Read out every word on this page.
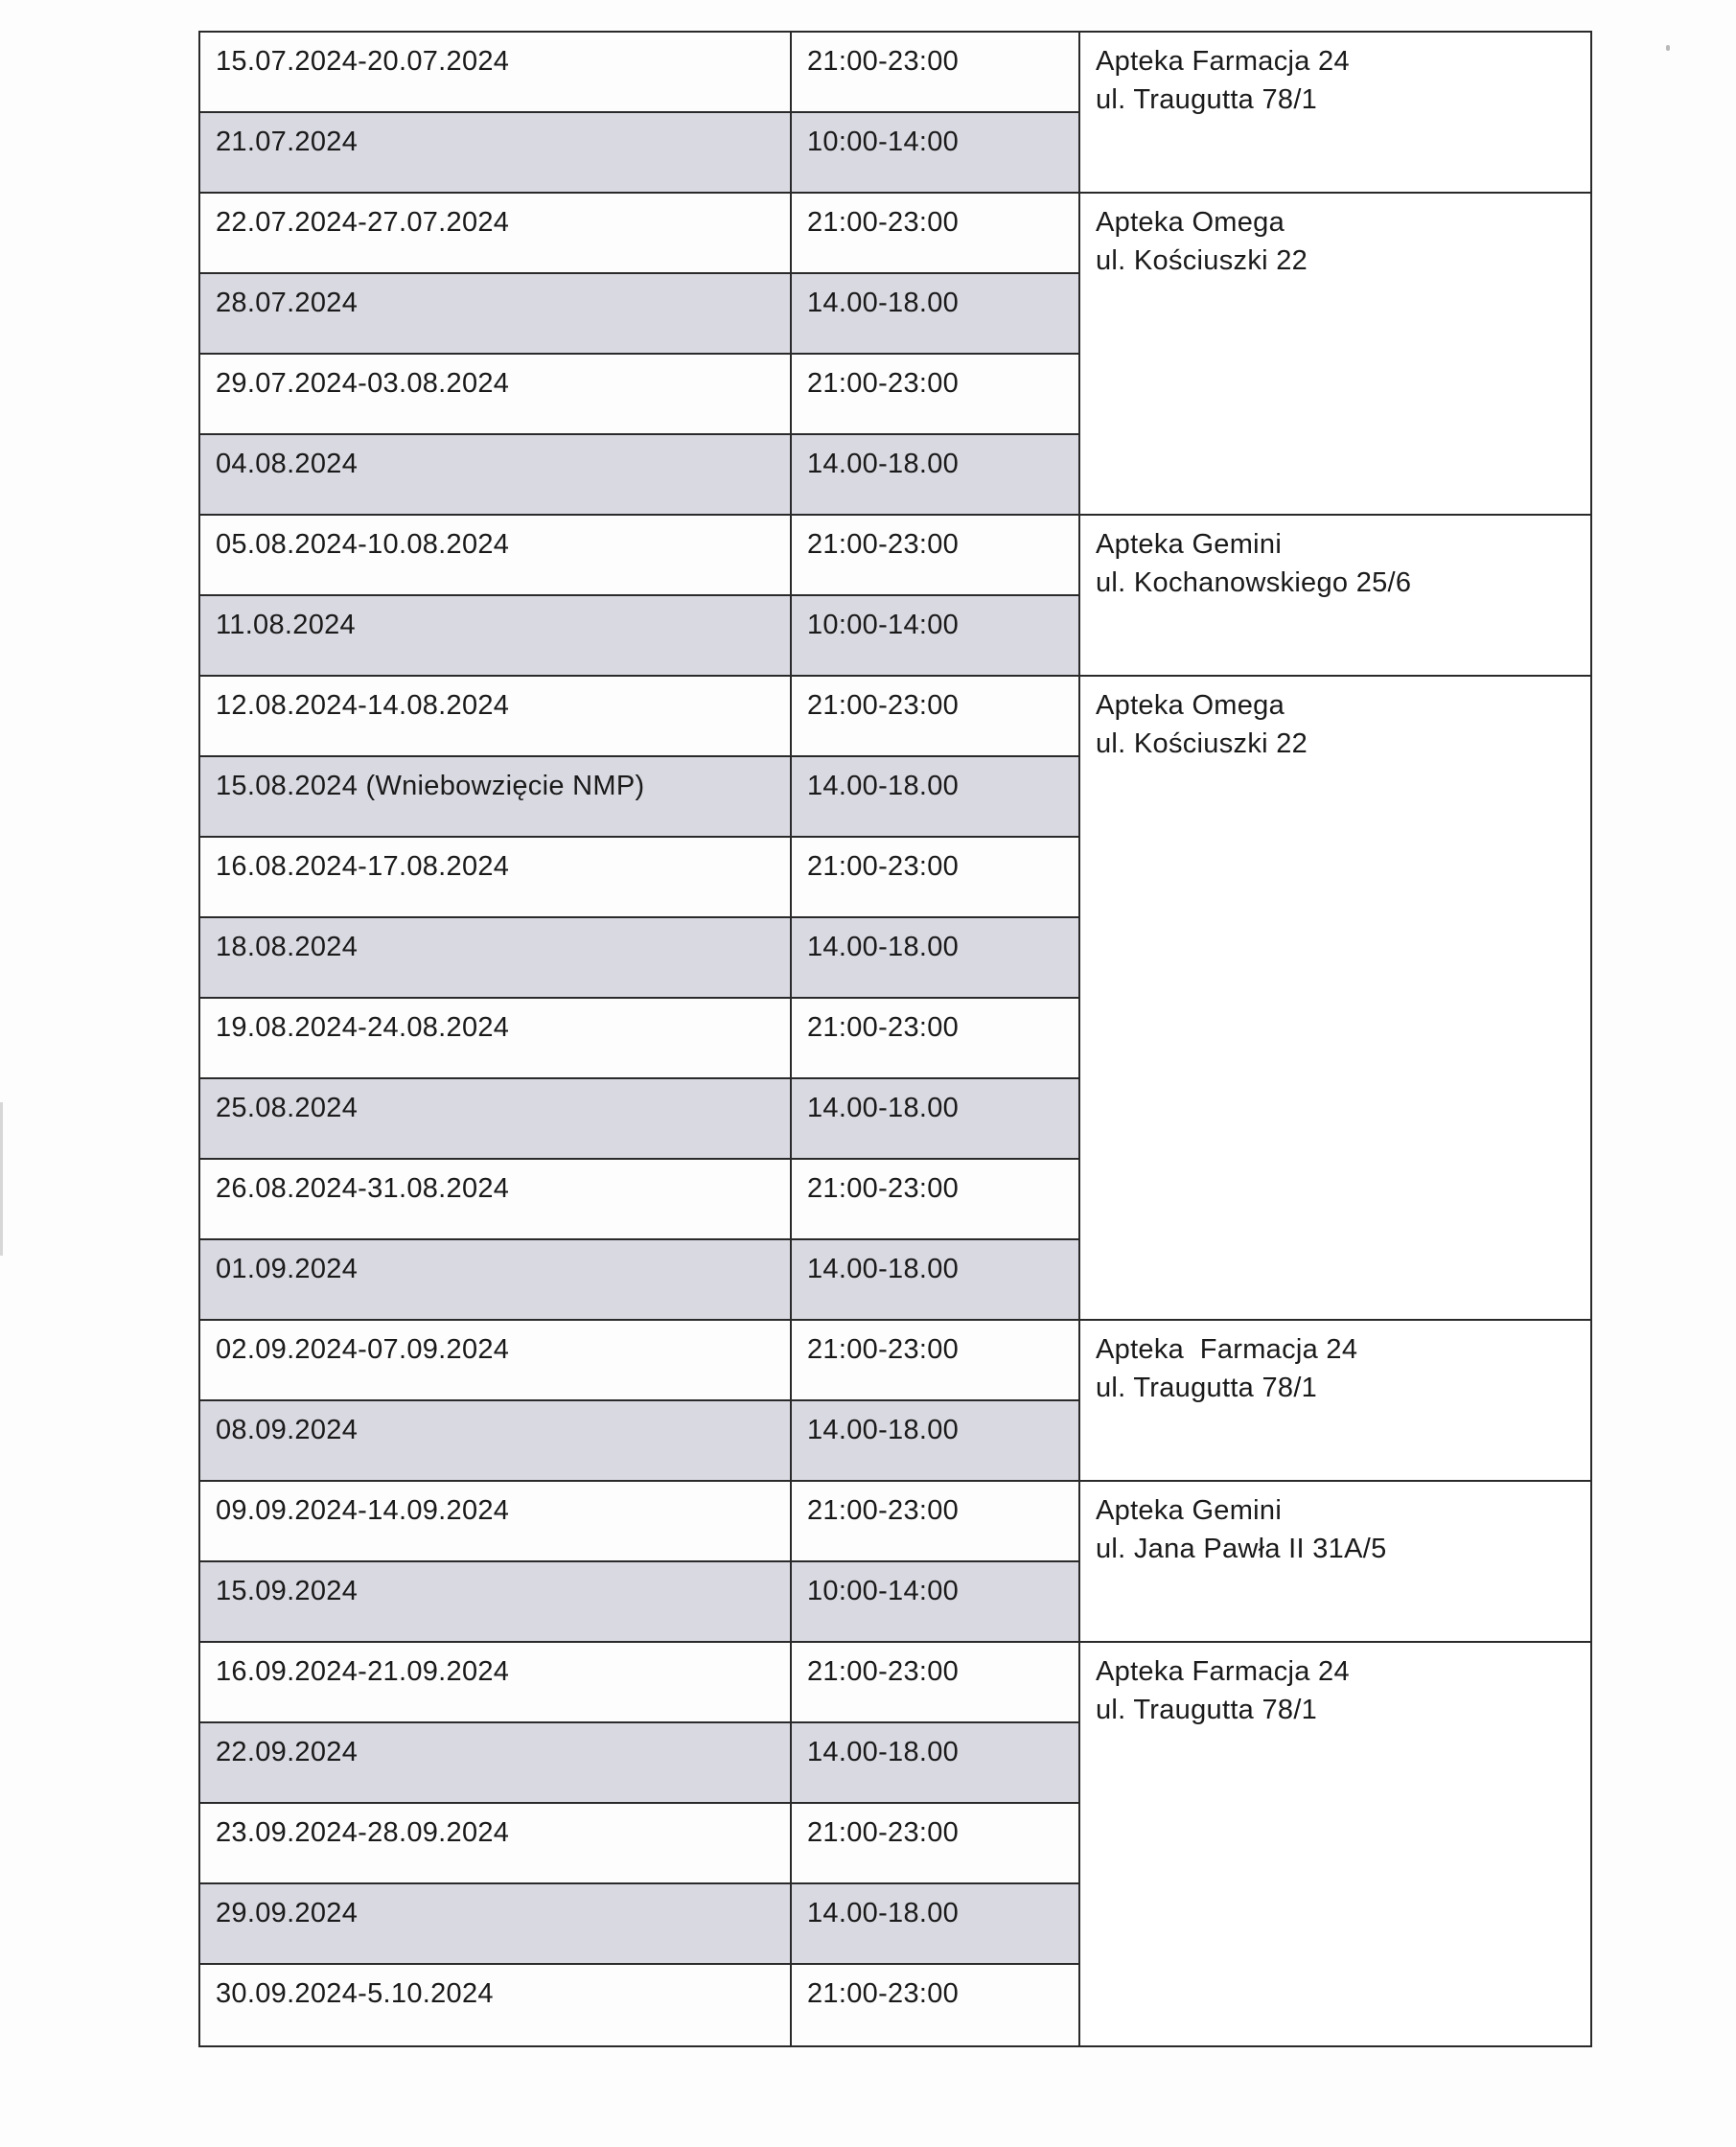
15.07.2024-20.07.2024	21:00-23:00	Apteka Farmacja 24
ul. Traugutta 78/1

21.07.2024	10:00-14:00	
22.07.2024-27.07.2024	21:00-23:00	Apteka Omega
ul. Kościuszki 22

28.07.2024	14.00-18.00	
29.07.2024-03.08.2024	21:00-23:00	
04.08.2024	14.00-18.00	
05.08.2024-10.08.2024	21:00-23:00	Apteka Gemini
ul. Kochanowskiego 25/6

11.08.2024	10:00-14:00	
12.08.2024-14.08.2024	21:00-23:00	Apteka Omega
ul. Kościuszki 22

15.08.2024 (Wniebowzięcie NMP)	14.00-18.00	
16.08.2024-17.08.2024	21:00-23:00	
18.08.2024	14.00-18.00	
19.08.2024-24.08.2024	21:00-23:00	
25.08.2024	14.00-18.00	
26.08.2024-31.08.2024	21:00-23:00	
01.09.2024	14.00-18.00	
02.09.2024-07.09.2024	21:00-23:00	Apteka  Farmacja 24
ul. Traugutta 78/1

08.09.2024	14.00-18.00	
09.09.2024-14.09.2024	21:00-23:00	Apteka Gemini
ul. Jana Pawła II 31A/5

15.09.2024	10:00-14:00	
16.09.2024-21.09.2024	21:00-23:00	Apteka Farmacja 24
ul. Traugutta 78/1

22.09.2024	14.00-18.00	
23.09.2024-28.09.2024	21:00-23:00	
29.09.2024	14.00-18.00	
30.09.2024-5.10.2024	21:00-23:00	
